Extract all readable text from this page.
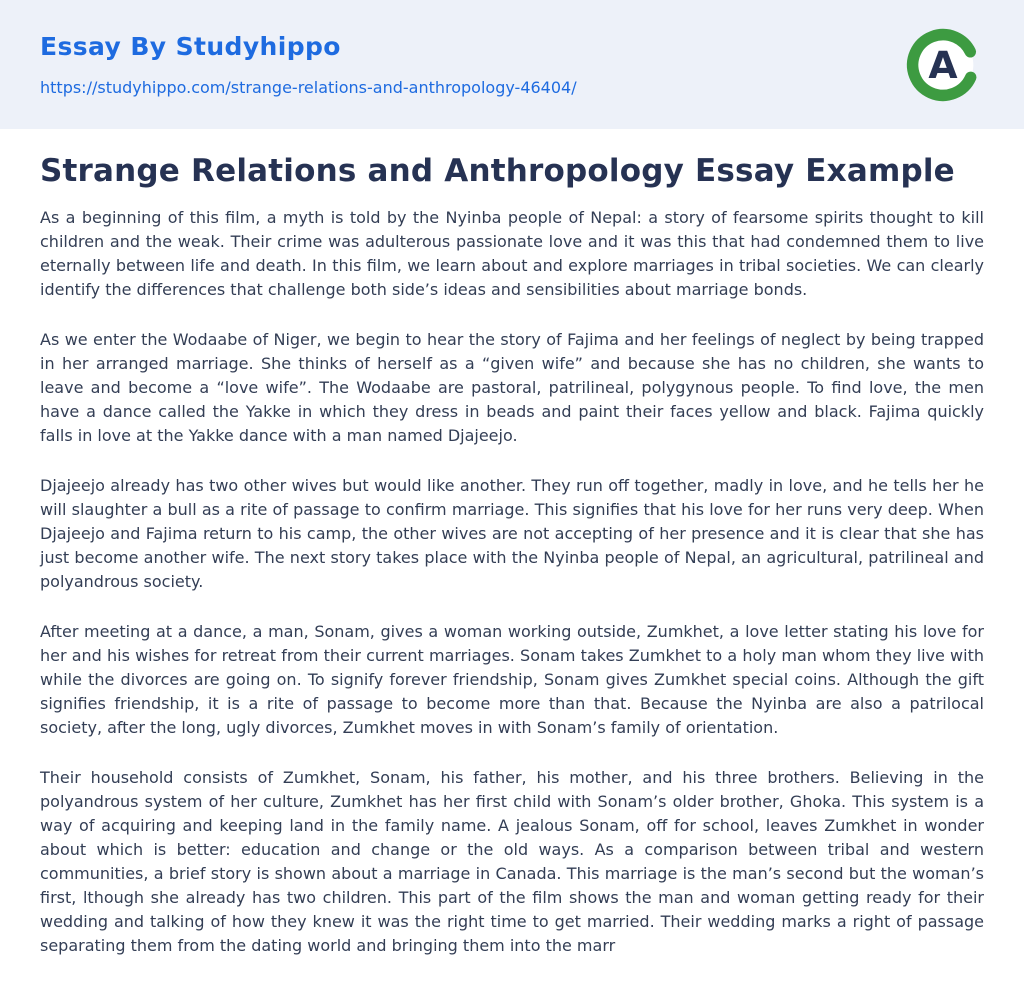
Essay By Studyhippo
https://studyhippo.com/strange-relations-and-anthropology-46404/
A
Strange Relations and Anthropology Essay Example

As a beginning of this film, a myth is told by the Nyinba people of Nepal: a story of fearsome spirits thought to kill children and the weak. Their crime was adulterous passionate love and it was this that had condemned them to live eternally between life and death. In this film, we learn about and explore marriages in tribal societies. We can clearly identify the differences that challenge both side’s ideas and sensibilities about marriage bonds.

As we enter the Wodaabe of Niger, we begin to hear the story of Fajima and her feelings of neglect by being trapped in her arranged marriage. She thinks of herself as a “given wife” and because she has no children, she wants to leave and become a “love wife”. The Wodaabe are pastoral, patrilineal, polygynous people. To find love, the men have a dance called the Yakke in which they dress in beads and paint their faces yellow and black. Fajima quickly falls in love at the Yakke dance with a man named Djajeejo.

Djajeejo already has two other wives but would like another. They run off together, madly in love, and he tells her he will slaughter a bull as a rite of passage to confirm marriage. This signifies that his love for her runs very deep. When Djajeejo and Fajima return to his camp, the other wives are not accepting of her presence and it is clear that she has just become another wife. The next story takes place with the Nyinba people of Nepal, an agricultural, patrilineal and polyandrous society.

After meeting at a dance, a man, Sonam, gives a woman working outside, Zumkhet, a love letter stating his love for her and his wishes for retreat from their current marriages. Sonam takes Zumkhet to a holy man whom they live with while the divorces are going on. To signify forever friendship, Sonam gives Zumkhet special coins. Although the gift signifies friendship, it is a rite of passage to become more than that. Because the Nyinba are also a patrilocal society, after the long, ugly divorces, Zumkhet moves in with Sonam’s family of orientation.

Their household consists of Zumkhet, Sonam, his father, his mother, and his three brothers. Believing in the polyandrous system of her culture, Zumkhet has her first child with Sonam’s older brother, Ghoka. This system is a way of acquiring and keeping land in the family name. A jealous Sonam, off for school, leaves Zumkhet in wonder about which is better: education and change or the old ways. As a comparison between tribal and western communities, a brief story is shown about a marriage in Canada. This marriage is the man’s second but the woman’s first, lthough she already has two children. This part of the film shows the man and woman getting ready for their wedding and talking of how they knew it was the right time to get married. Their wedding marks a right of passage separating them from the dating world and bringing them into the marr
